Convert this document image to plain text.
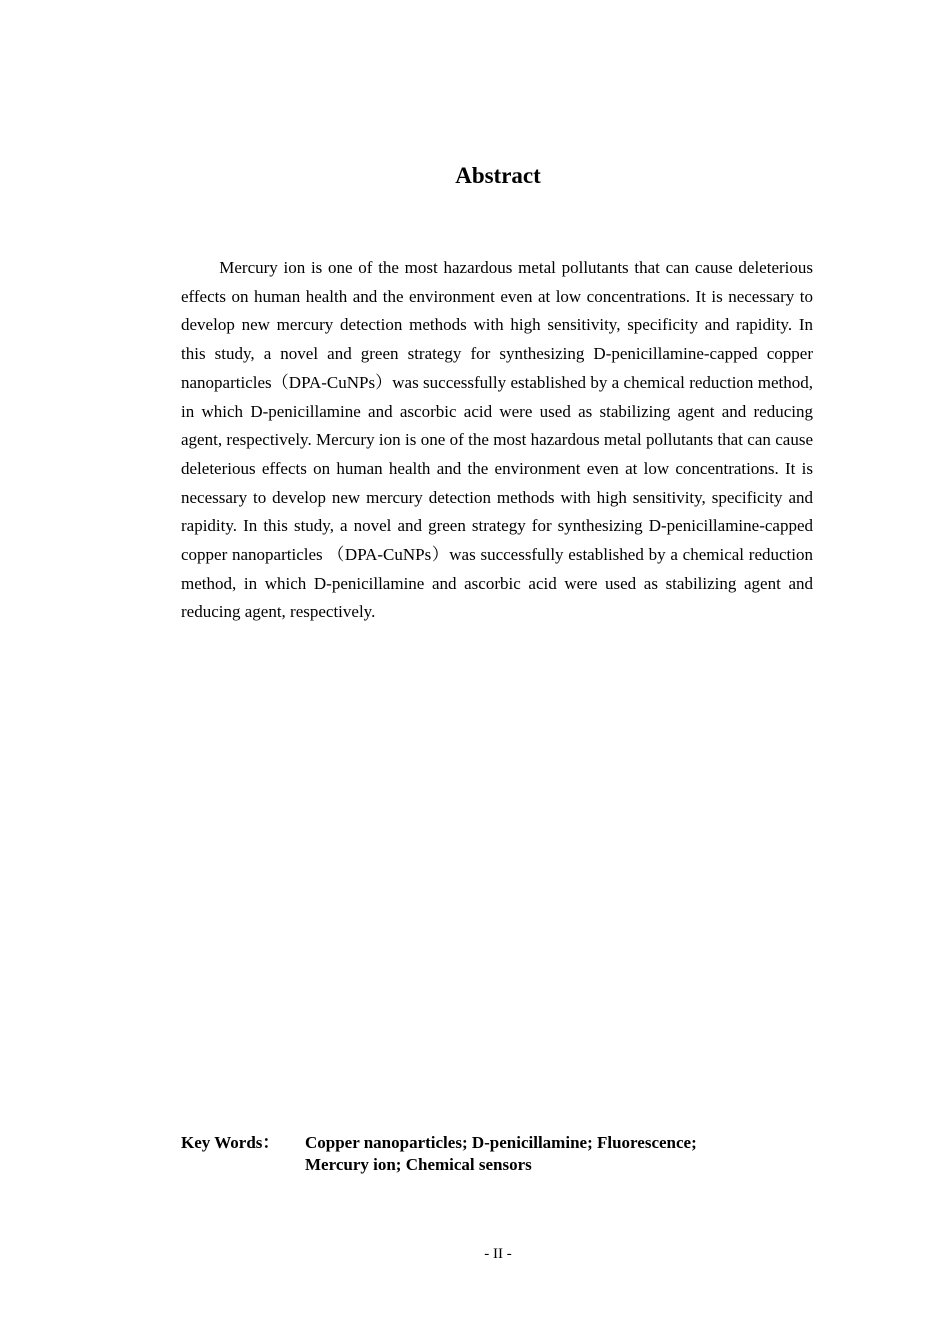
Abstract

Mercury ion is one of the most hazardous metal pollutants that can cause deleterious effects on human health and the environment even at low concentrations. It is necessary to develop new mercury detection methods with high sensitivity, specificity and rapidity. In this study, a novel and green strategy for synthesizing D-penicillamine-capped copper nanoparticles（DPA-CuNPs）was successfully established by a chemical reduction method, in which D-penicillamine and ascorbic acid were used as stabilizing agent and reducing agent, respectively. Mercury ion is one of the most hazardous metal pollutants that can cause deleterious effects on human health and the environment even at low concentrations. It is necessary to develop new mercury detection methods with high sensitivity, specificity and rapidity. In this study, a novel and green strategy for synthesizing D-penicillamine-capped copper nanoparticles （DPA-CuNPs）was successfully established by a chemical reduction method, in which D-penicillamine and ascorbic acid were used as stabilizing agent and reducing agent, respectively.

Key Words：	Copper nanoparticles; D-penicillamine; Fluorescence;
Mercury ion; Chemical sensors
- II -
